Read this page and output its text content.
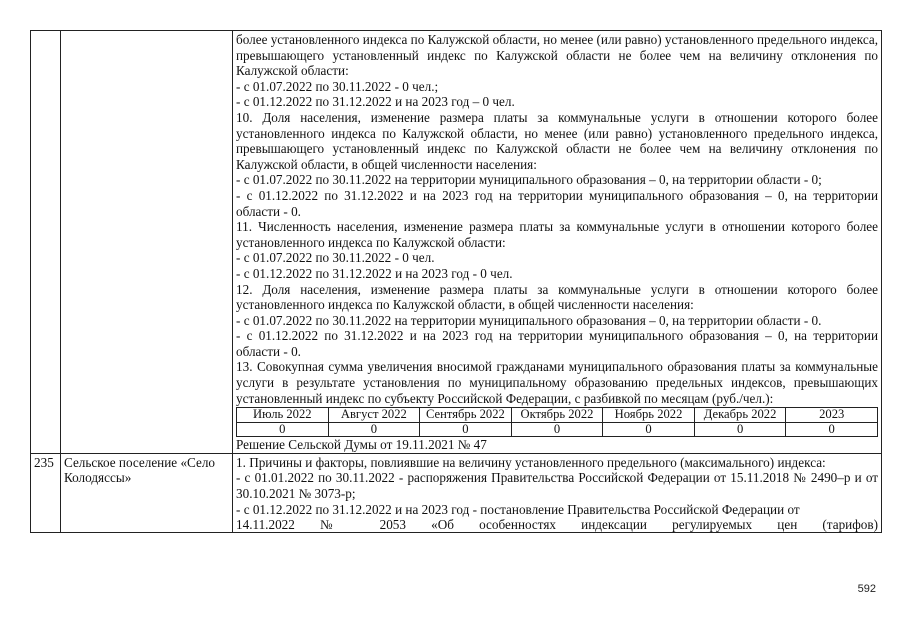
более установленного индекса по Калужской области, но менее (или равно) установленного предельного индекса, превышающего установленный индекс по Калужской области не более чем на величину отклонения по Калужской области:

- с 01.07.2022 по 30.11.2022 - 0 чел.;

- с 01.12.2022 по 31.12.2022 и на 2023 год – 0 чел.

10. Доля населения, изменение размера платы за коммунальные услуги в отношении которого более установленного индекса по Калужской области, но менее (или равно) установленного предельного индекса, превышающего установленный индекс по Калужской области не более чем на величину отклонения по Калужской области, в общей численности населения:

- с 01.07.2022 по 30.11.2022 на территории муниципального образования – 0, на территории области - 0;

- с 01.12.2022 по 31.12.2022 и на 2023 год на территории муниципального образования – 0, на территории области - 0.

11. Численность населения, изменение размера платы за коммунальные услуги в отношении которого более установленного индекса по Калужской области:

- с 01.07.2022 по 30.11.2022 - 0 чел.

- с 01.12.2022 по 31.12.2022 и на 2023 год - 0 чел.

12. Доля населения, изменение размера платы за коммунальные услуги в отношении которого более установленного индекса по Калужской области, в общей численности населения:

- с 01.07.2022 по 30.11.2022 на территории муниципального образования – 0, на территории области - 0.

- с 01.12.2022 по 31.12.2022 и на 2023 год на территории муниципального образования – 0, на территории области - 0.

13. Совокупная сумма увеличения вносимой гражданами муниципального образования платы за коммунальные услуги в результате установления по муниципальному образованию предельных индексов, превышающих установленный индекс по субъекту Российской Федерации, с разбивкой по месяцам (руб./чел.):

Июль 2022	Август 2022	Сентябрь 2022	Октябрь 2022	Ноябрь 2022	Декабрь 2022	2023
0	0	0	0	0	0	0

Решение Сельской Думы от 19.11.2021 № 47

235	Сельское поселение «Село Колодяссы»	

1. Причины и факторы, повлиявшие на величину установленного предельного (максимального) индекса:

- с 01.01.2022 по 30.11.2022 - распоряжения Правительства Российской Федерации от 15.11.2018 № 2490–р и от 30.10.2021 № 3073-р;

- с 01.12.2022 по 31.12.2022 и на 2023 год - постановление Правительства Российской Федерации от

14.11.2022 № 2053 «Об особенностях индексации регулируемых цен (тарифов)

592
